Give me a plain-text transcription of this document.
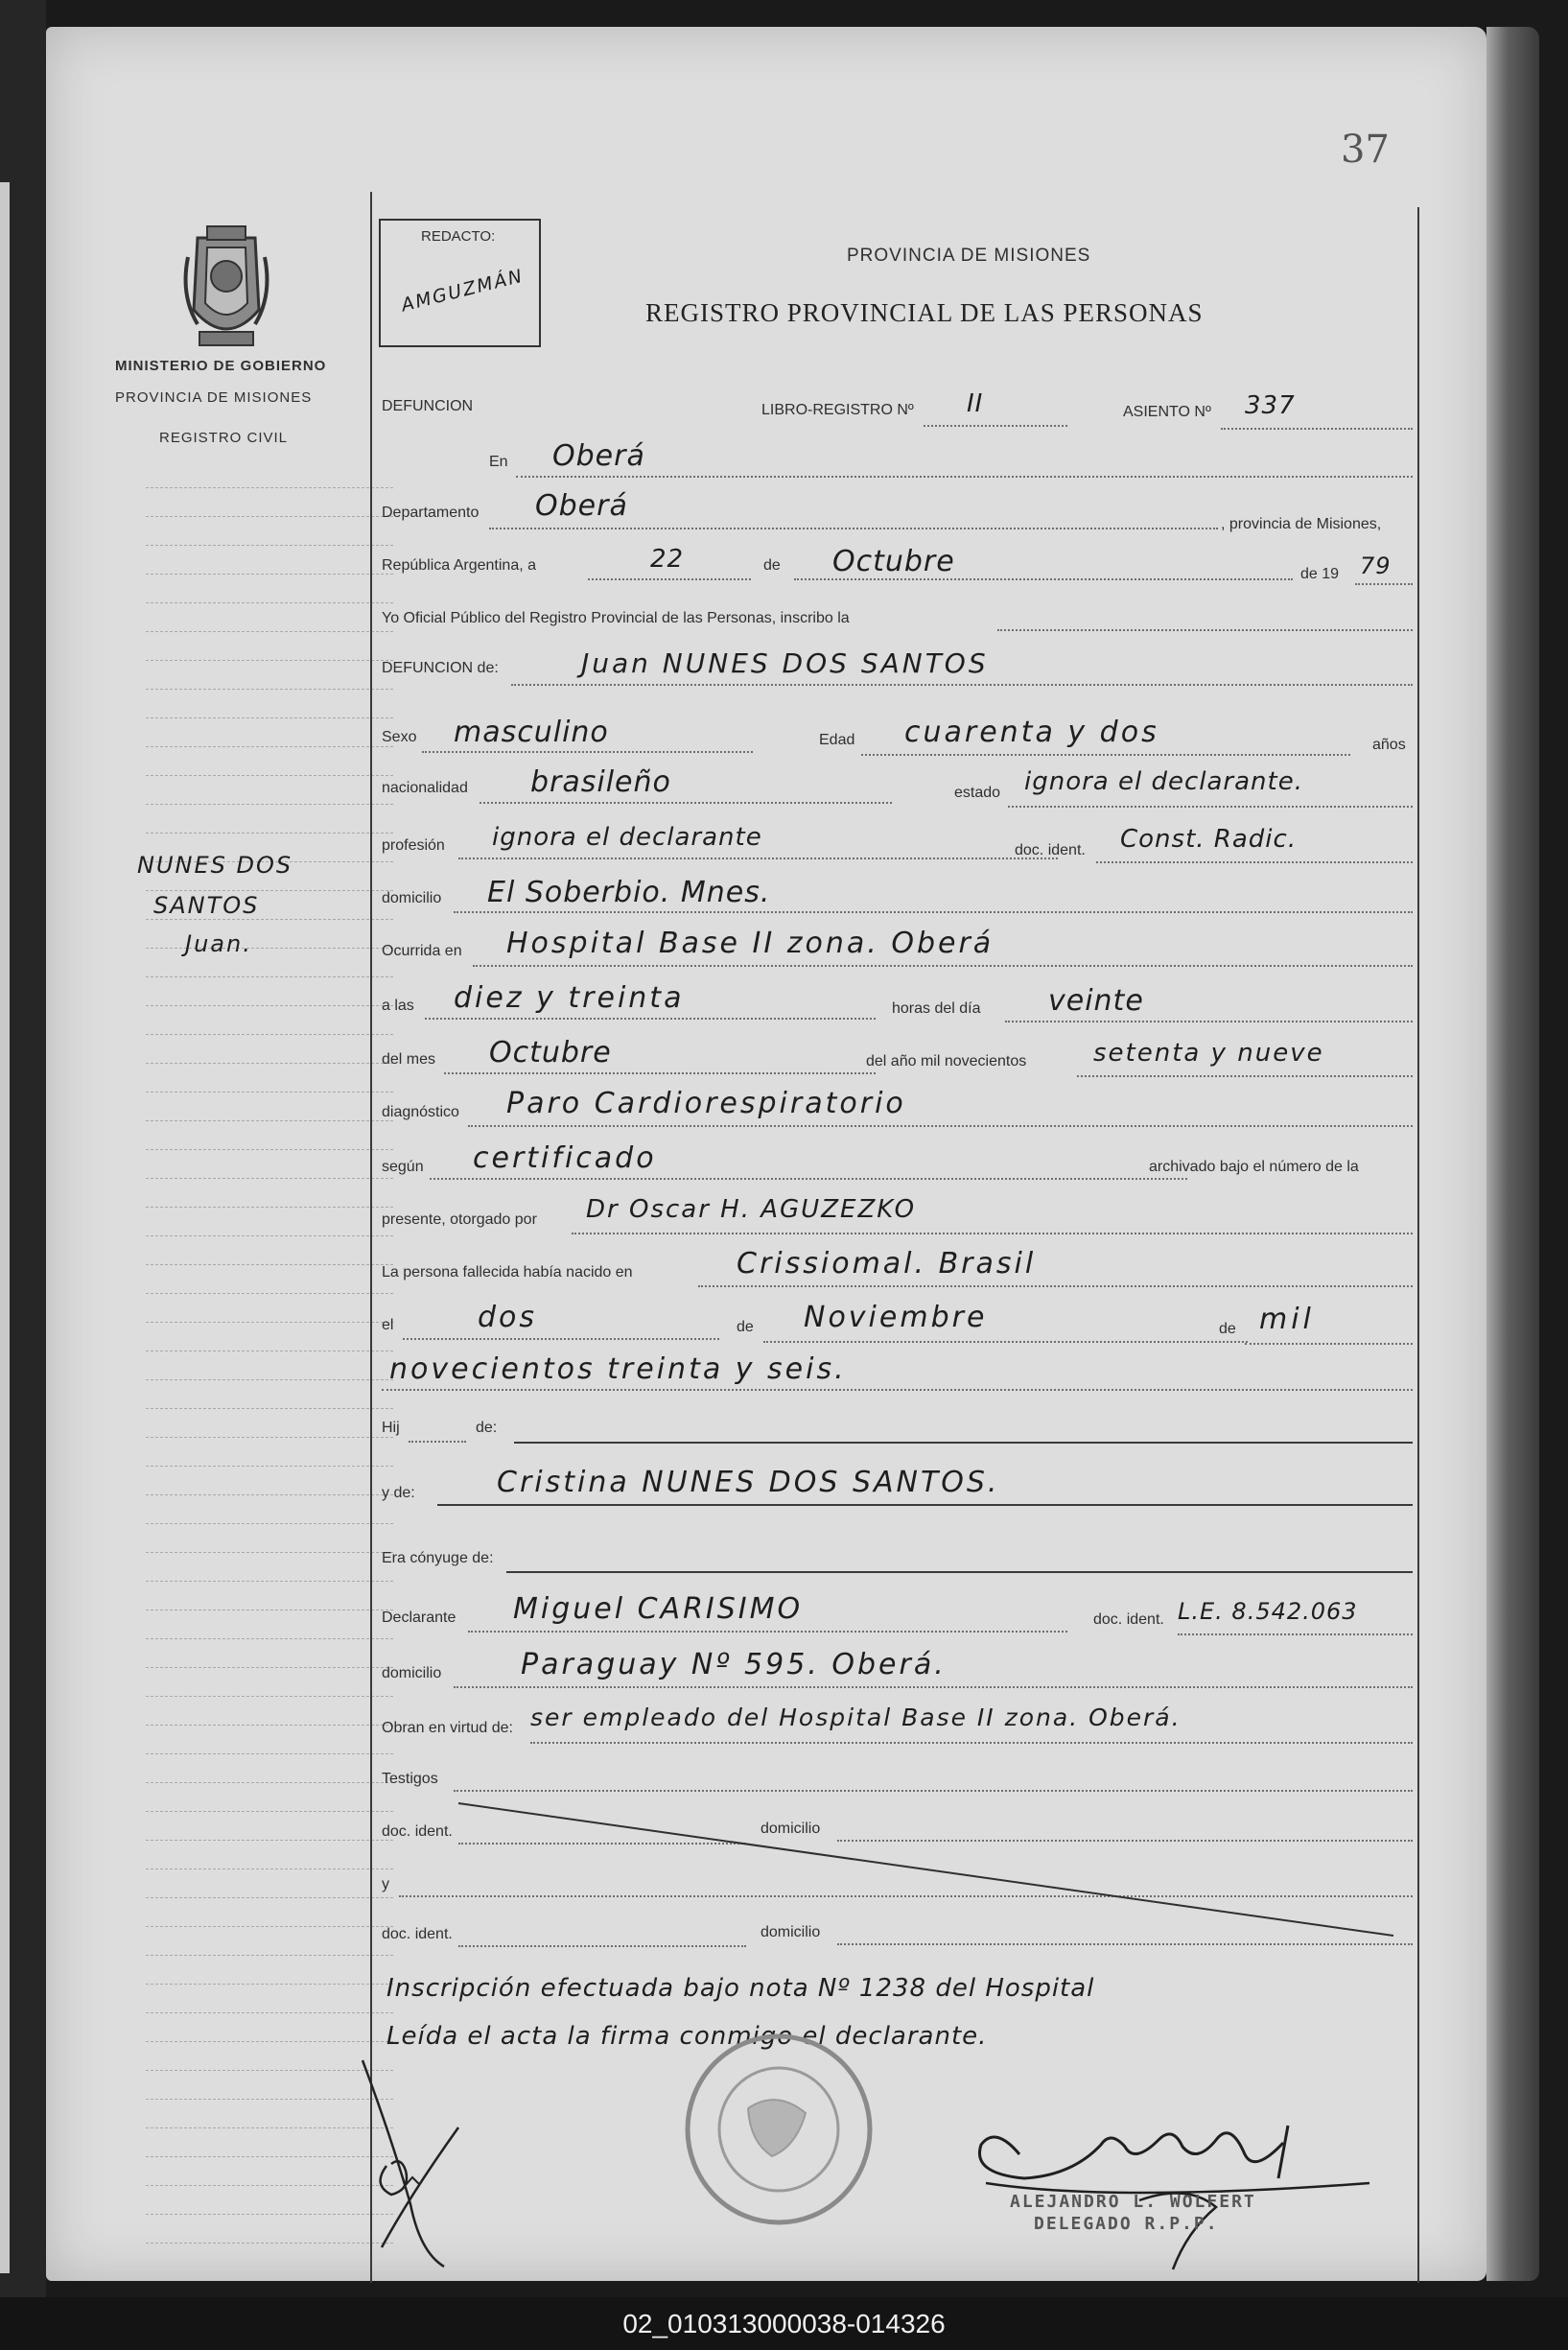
37
MINISTERIO DE GOBIERNO
PROVINCIA DE MISIONES
REGISTRO CIVIL
NUNES DOS
SANTOS
Juan.
REDACTO:
AMGUZMÁN
PROVINCIA DE MISIONES
REGISTRO PROVINCIAL DE LAS PERSONAS
DEFUNCION	LIBRO-REGISTRO Nº II	ASIENTO Nº 337
En Oberá
Departamento Oberá
, provincia de Misiones,
República Argentina, a	22	de Octubre	de 19 79
Yo Oficial Público del Registro Provincial de las Personas, inscribo la
DEFUNCION de:	Juan NUNES DOS SANTOS
Sexo masculino	Edad cuarenta y dos	años
nacionalidad brasileño	estado ignora el declarante.
profesión ignora el declarante	doc. ident. Const. Radic.
domicilio El Soberbio. Mnes.
Ocurrida en Hospital Base II zona. Oberá
a las diez y treinta	horas del día veinte
del mes Octubre	del año mil novecientos	setenta y nueve
diagnóstico Paro Cardiorespiratorio
según certificado	archivado bajo el número de la
presente, otorgado por Dr Oscar H. AGUZEZKO
La persona fallecida había nacido en	Crissiomal. Brasil
el	dos	de Noviembre	de mil
novecientos treinta y seis.
Hij	de:
y de:	Cristina NUNES DOS SANTOS.
Era cónyuge de:
Declarante Miguel CARISIMO	doc. ident. L.E. 8.542.063
domicilio	Paraguay Nº 595. Oberá.
Obran en virtud de: ser empleado del Hospital Base II zona. Oberá.
Testigos
doc. ident.	domicilio
y
doc. ident.	domicilio
Inscripción efectuada bajo nota Nº 1238 del Hospital
Leída el acta la firma conmigo el declarante.
ALEJANDRO L. WOLFERT
DELEGADO R.P.P.
02_010313000038-014326
